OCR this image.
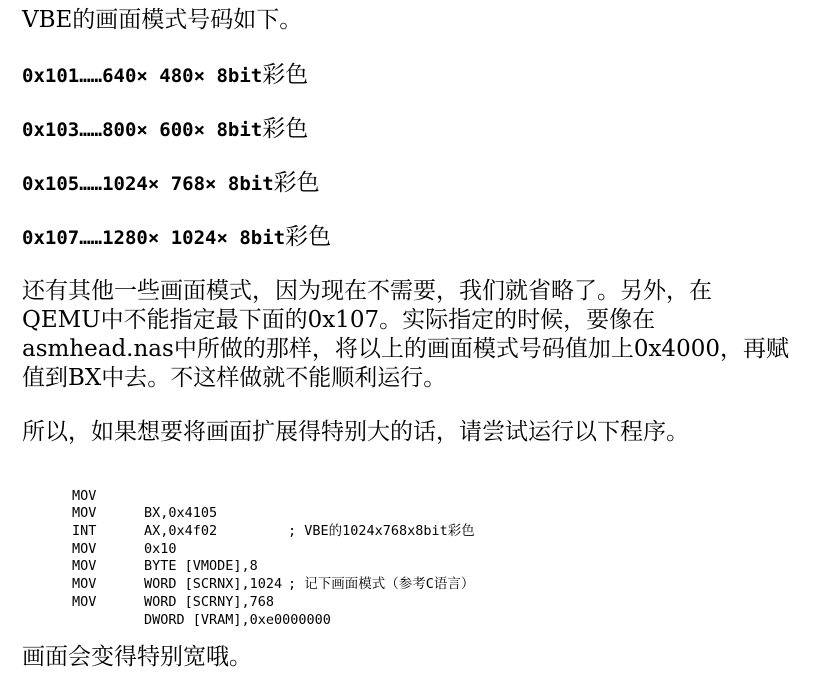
VBE的画面模式号码如下。
0x101……640× 480× 8bit彩色
0x103……800× 600× 8bit彩色
0x105……1024× 768× 8bit彩色
0x107……1280× 1024× 8bit彩色
还有其他一些画面模式，因为现在不需要，我们就省略了。另外，在
QEMU中不能指定最下面的0x107。实际指定的时候，要像在
asmhead.nas中所做的那样，将以上的画面模式号码值加上0x4000，再赋
值到BX中去。不这样做就不能顺利运行。
所以，如果想要将画面扩展得特别大的话，请尝试运行以下程序。

MOV

BX,0x4105

; VBE的1024x768x8bit彩色

MOV

AX,0x4f02

INT

0x10

MOV

BYTE [VMODE],8

; 记下画面模式（参考C语言）

MOV

WORD [SCRNX],1024

MOV

WORD [SCRNY],768

MOV

DWORD [VRAM],0xe0000000

画面会变得特别宽哦。
